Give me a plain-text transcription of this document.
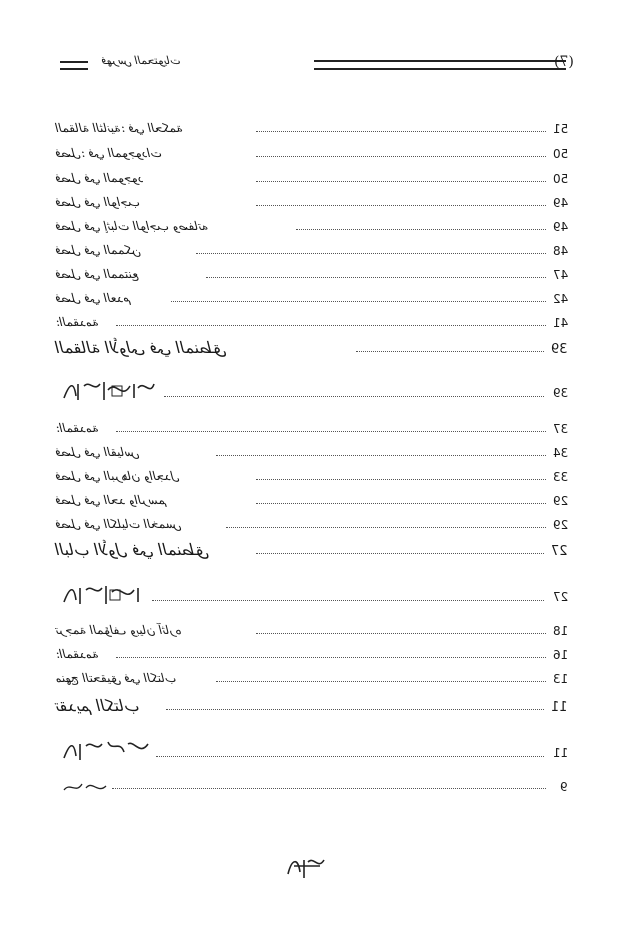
فهرس المحتويات	(7)
المقالة الثانية: في الحكمة	51
فصل: في الموجودات	50
فصل في الموجود	50
فصل في الواجب	49
فصل في إثبات الواجب وصفاته	49
فصل في الممكن	48
فصل في الممتنع	47
فصل في العدم	42
المقدمة:	41
المقالة الأولى في المنطق	39
39
المقدمة:	37
فصل في القياس	34
فصل في البرهان والجدل	33
فصل في الحد والرسم	29
فصل في الكليات الخمس	29
الباب الأول في المنطق	27
27
ترجمة المؤلف وبيان آثاره	18
المقدمة:	16
منهج التحقيق في الكتاب	13
تقديم الكتاب	11
11
9
